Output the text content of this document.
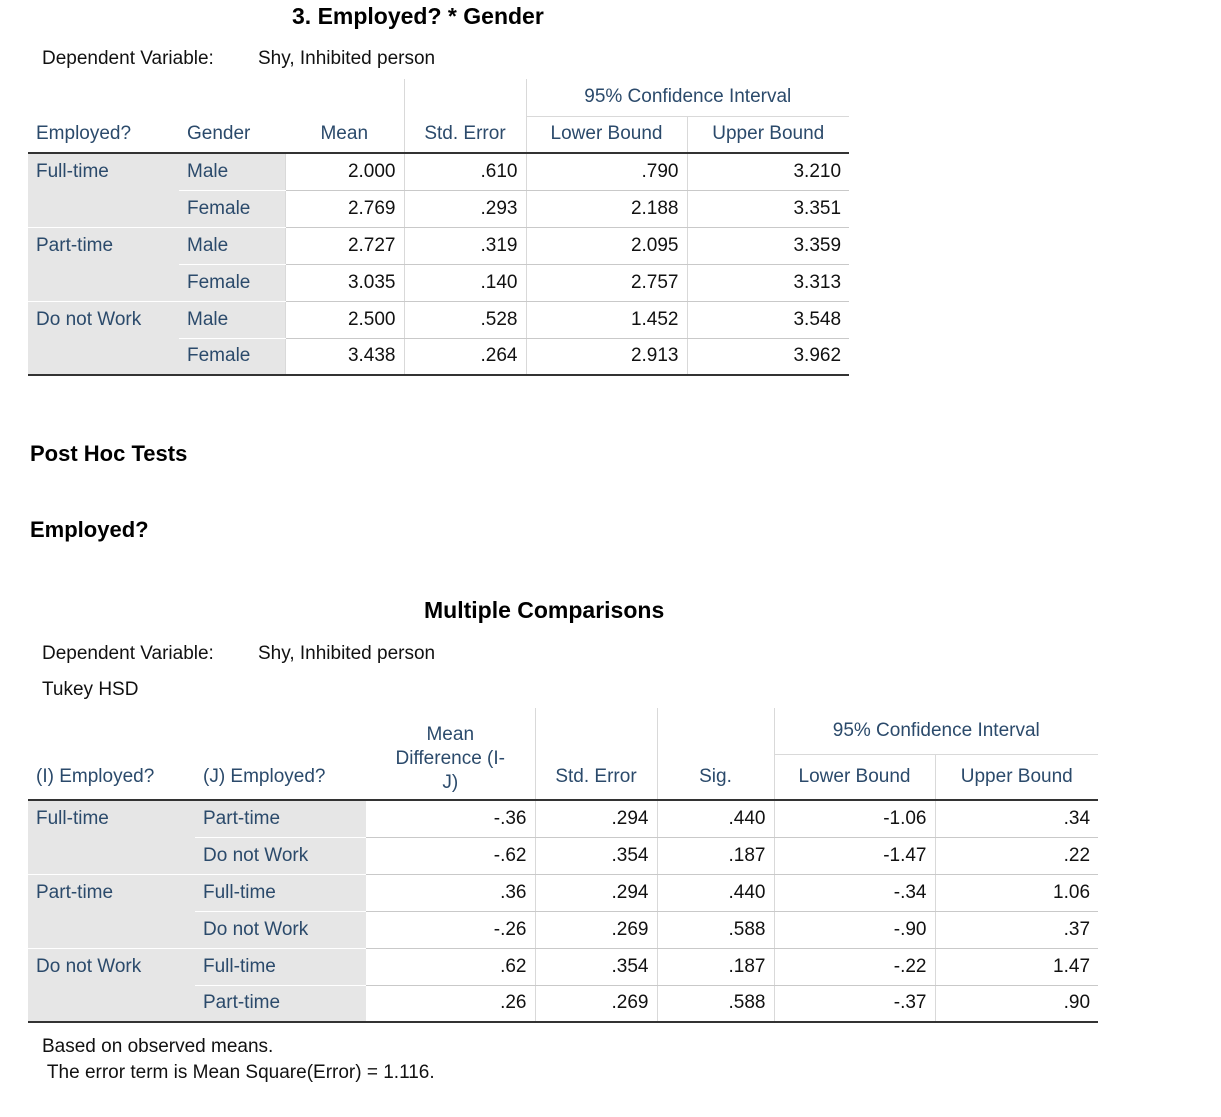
3. Employed? * Gender
Dependent Variable: Shy, Inhibited person
				95% Confidence Interval	
Employed?	Gender	Mean	Std. Error	Lower Bound	Upper Bound
Full-time	Male	2.000	.610	.790	3.210
	Female	2.769	.293	2.188	3.351
Part-time	Male	2.727	.319	2.095	3.359
	Female	3.035	.140	2.757	3.313
Do not Work	Male	2.500	.528	1.452	3.548
	Female	3.438	.264	2.913	3.962
Post Hoc Tests
Employed?
Multiple Comparisons
Dependent Variable: Shy, Inhibited person
Tukey HSD

		Mean
Difference (I-
J)			95% Confidence Interval	
(I) Employed?	(J) Employed?		Std. Error	Sig.	Lower Bound	Upper Bound
Full-time	Part-time	-.36	.294	.440	-1.06	.34
	Do not Work	-.62	.354	.187	-1.47	.22
Part-time	Full-time	.36	.294	.440	-.34	1.06
	Do not Work	-.26	.269	.588	-.90	.37
Do not Work	Full-time	.62	.354	.187	-.22	1.47
	Part-time	.26	.269	.588	-.37	.90
Based on observed means.
The error term is Mean Square(Error) = 1.116.
